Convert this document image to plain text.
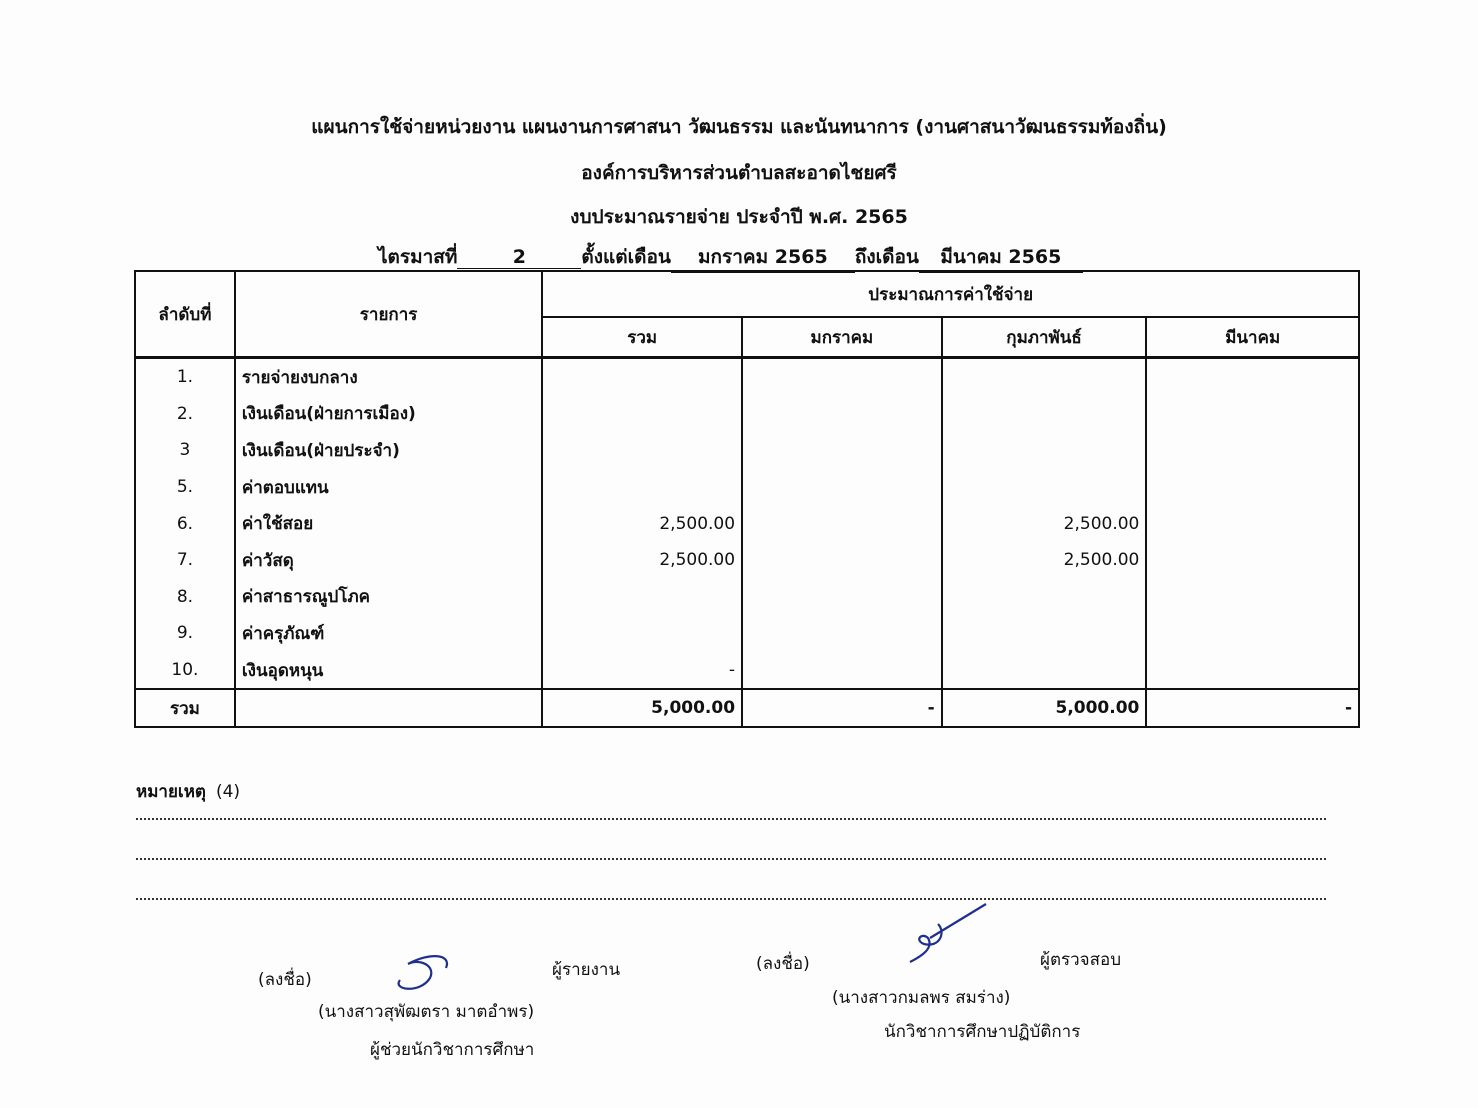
แผนการใช้จ่ายหน่วยงาน แผนงานการศาสนา วัฒนธรรม และนันทนาการ (งานศาสนาวัฒนธรรมท้องถิ่น)
องค์การบริหารส่วนตำบลสะอาดไชยศรี
งบประมาณรายจ่าย ประจำปี พ.ศ. 2565
ไตรมาสที่	2	ตั้งแต่เดือน มกราคม 2565 ถึงเดือน มีนาคม 2565
ลำดับที่	รายการ	ประมาณการค่าใช้จ่าย			
		รวม	มกราคม	กุมภาพันธ์	มีนาคม
1.	รายจ่ายงบกลาง				
2.	เงินเดือน(ฝ่ายการเมือง)				
3	เงินเดือน(ฝ่ายประจำ)				
5.	ค่าตอบแทน				
6.	ค่าใช้สอย	2,500.00		2,500.00	
7.	ค่าวัสดุ	2,500.00		2,500.00	
8.	ค่าสาธารณูปโภค				
9.	ค่าครุภัณฑ์				
10.	เงินอุดหนุน	-			
รวม		5,000.00	-	5,000.00	-
หมายเหตุ (4)
(ลงชื่อ)	ผู้รายงาน
(นางสาวสุพัฒตรา มาตอำพร)
ผู้ช่วยนักวิชาการศึกษา
(ลงชื่อ)	ผู้ตรวจสอบ
(นางสาวกมลพร สมร่าง)
นักวิชาการศึกษาปฏิบัติการ
